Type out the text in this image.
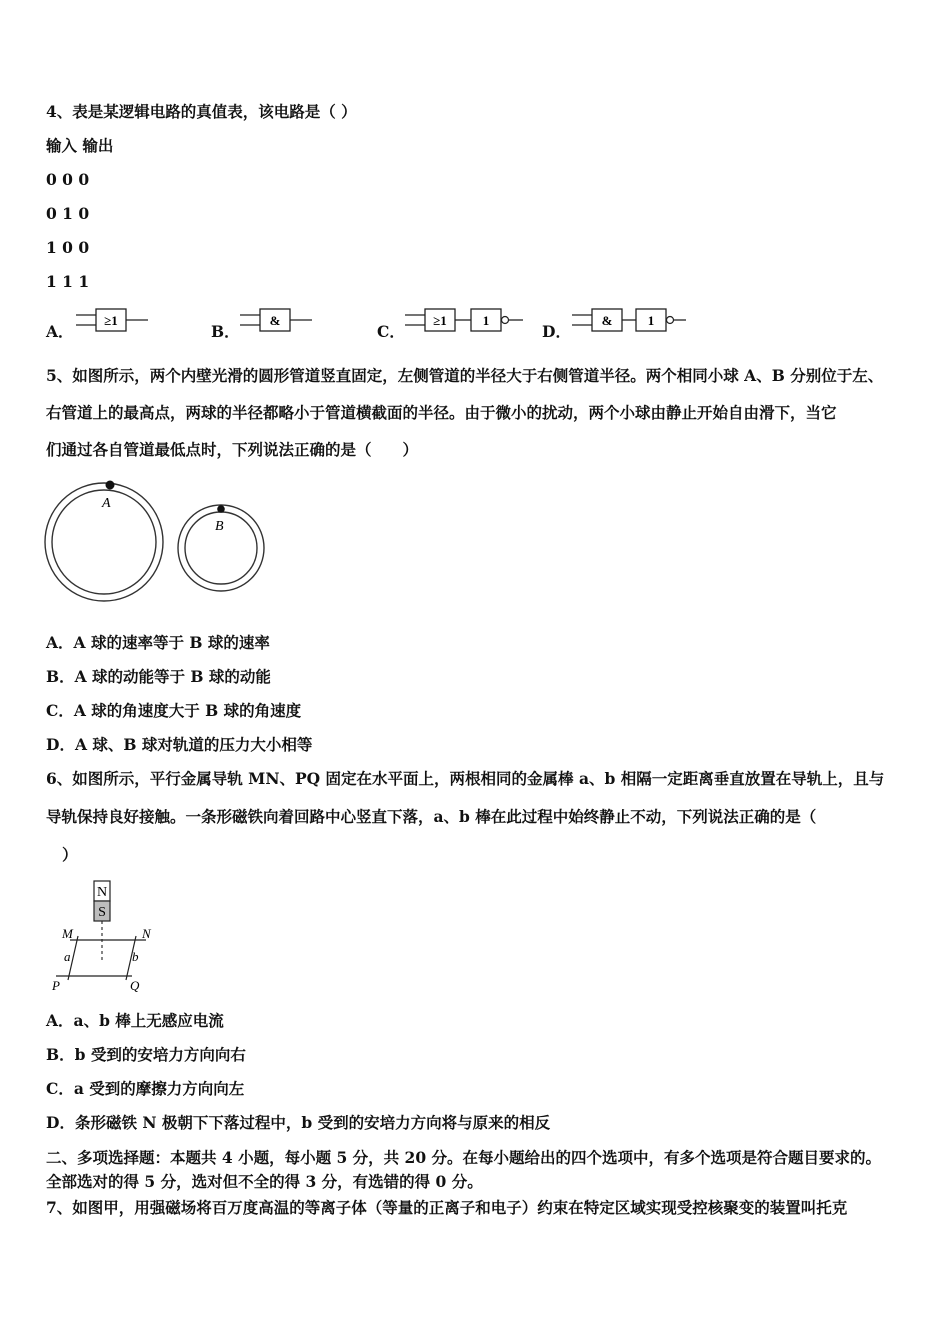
4、表是某逻辑电路的真值表，该电路是（ ）
输入 输出
0 0 0
0 1 0
1 0 0
1 1 1
A．
≥1
B．
&
C．
≥1	1
D．
&	1
5、如图所示，两个内壁光滑的圆形管道竖直固定，左侧管道的半径大于右侧管道半径。两个相同小球 A、B 分别位于左、
右管道上的最高点，两球的半径都略小于管道横截面的半径。由于微小的扰动，两个小球由静止开始自由滑下，当它
们通过各自管道最低点时，下列说法正确的是（　　）
A
B
A．A 球的速率等于 B 球的速率
B．A 球的动能等于 B 球的动能
C．A 球的角速度大于 B 球的角速度
D．A 球、B 球对轨道的压力大小相等
6、如图所示，平行金属导轨 MN、PQ 固定在水平面上，两根相同的金属棒 a、b 相隔一定距离垂直放置在导轨上，且与
导轨保持良好接触。一条形磁铁向着回路中心竖直下落，a、b 棒在此过程中始终静止不动，下列说法正确的是（
）
N
S
M	N
a	b
P	Q
A．a、b 棒上无感应电流
B．b 受到的安培力方向向右
C．a 受到的摩擦力方向向左
D．条形磁铁 N 极朝下下落过程中，b 受到的安培力方向将与原来的相反
二、多项选择题：本题共 4 小题，每小题 5 分，共 20 分。在每小题给出的四个选项中，有多个选项是符合题目要求的。
全部选对的得 5 分，选对但不全的得 3 分，有选错的得 0 分。
7、如图甲，用强磁场将百万度高温的等离子体（等量的正离子和电子）约束在特定区域实现受控核聚变的装置叫托克
